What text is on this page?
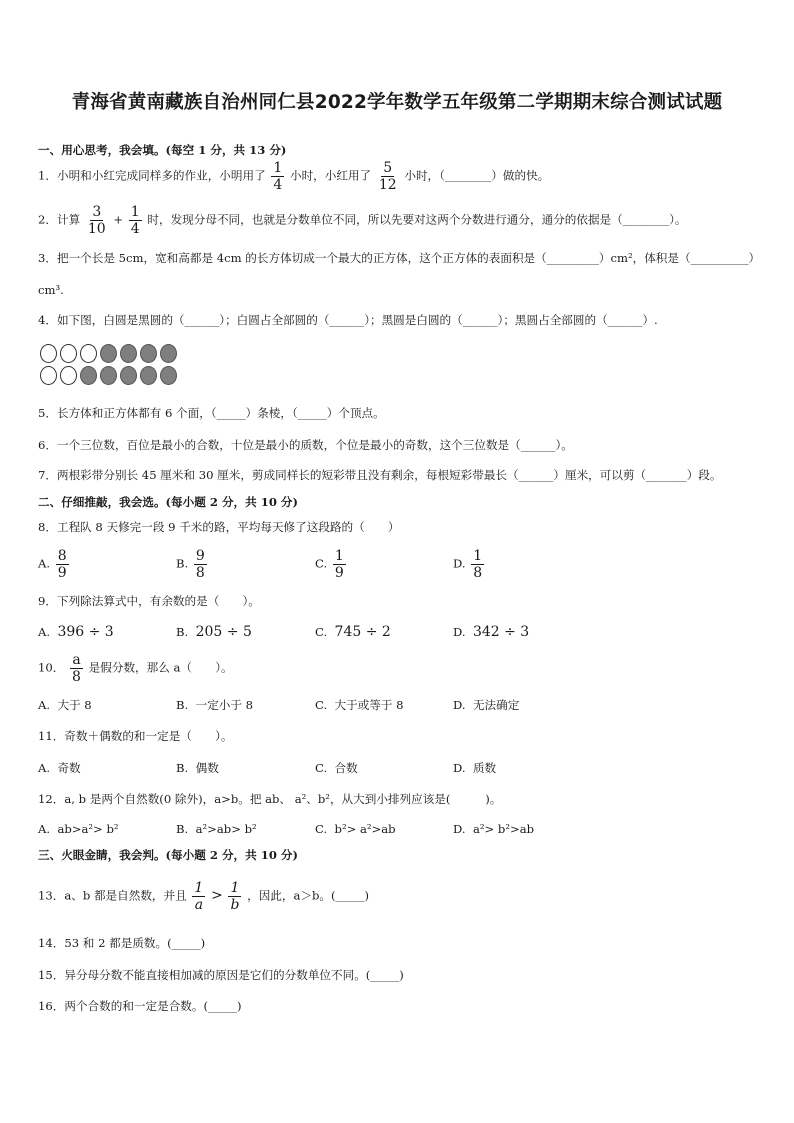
青海省黄南藏族自治州同仁县2022学年数学五年级第二学期期末综合测试试题
一、用心思考，我会填。(每空 1 分，共 13 分)
1．小明和小红完成同样多的作业，小明用了 $\frac{1}{4}$ 小时，小红用了 $\frac{5}{12}$ 小时，（________）做的快。
2．计算 $\frac{3}{10} + \frac{1}{4}$ 时，发现分母不同，也就是分数单位不同，所以先要对这两个分数进行通分，通分的依据是（________）。
3．把一个长是 5cm，宽和高都是 4cm 的长方体切成一个最大的正方体，这个正方体的表面积是（_________）cm²，体积是（__________）
cm³.
4．如下图，白圆是黑圆的（______）；白圆占全部圆的（______）；黑圆是白圆的（______）；黑圆占全部圆的（______）.
5．长方体和正方体都有 6 个面，（_____）条棱，（_____）个顶点。
6．一个三位数，百位是最小的合数，十位是最小的质数，个位是最小的奇数，这个三位数是（______）。
7．两根彩带分别长 45 厘米和 30 厘米，剪成同样长的短彩带且没有剩余，每根短彩带最长（______）厘米，可以剪（_______）段。
二、仔细推敲，我会选。(每小题 2 分，共 10 分)
8．工程队 8 天修完一段 9 千米的路，平均每天修了这段路的（　　）
A. $\frac{8}{9}$	B. $\frac{9}{8}$	C. $\frac{1}{9}$	D. $\frac{1}{8}$
9．下列除法算式中，有余数的是（　　）。
A. 396 ÷ 3	B. 205 ÷ 5	C. 745 ÷ 2	D. 342 ÷ 3
10． $\frac{a}{8}$ 是假分数，那么 a（　　）。
A. 大于 8	B. 一定小于 8	C. 大于或等于 8	D. 无法确定
11．奇数＋偶数的和一定是（　　）。
A. 奇数	B. 偶数	C. 合数	D. 质数
12．a, b 是两个自然数(0 除外)，a>b。把 ab、 a²、b²，从大到小排列应该是(　　　)。
A. ab>a²> b²	B. a²>ab> b²	C. b²> a²>ab	D. a²> b²>ab
三、火眼金睛，我会判。(每小题 2 分，共 10 分)
13．a、b 都是自然数，并且 $\frac{1}{a} > \frac{1}{b}$ ，因此，a＞b。(_____)
14．53 和 2 都是质数。(_____)
15．异分母分数不能直接相加减的原因是它们的分数单位不同。(_____)
16．两个合数的和一定是合数。(_____)
